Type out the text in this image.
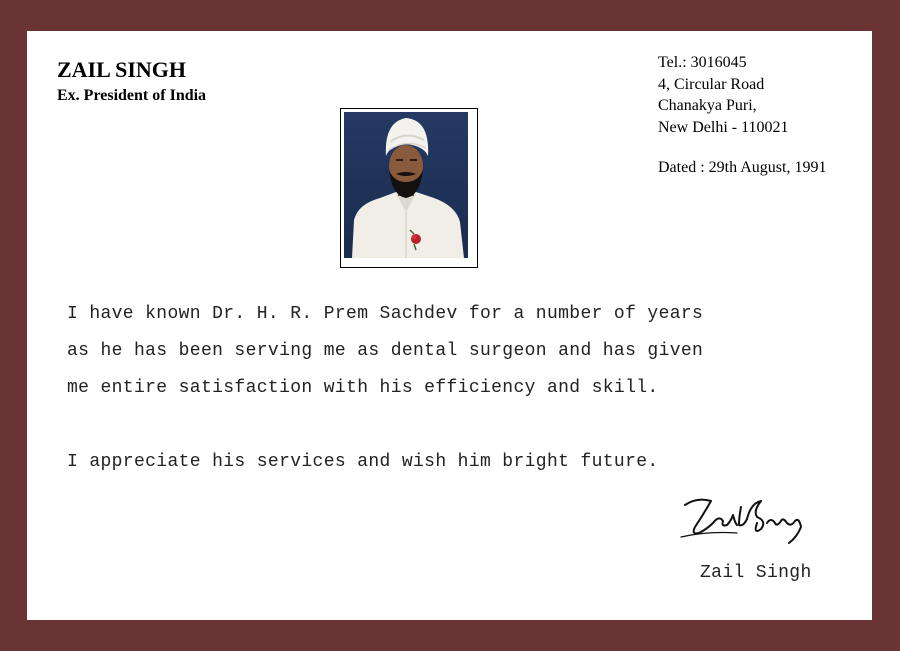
ZAIL SINGH
Ex. President of India
Tel.: 3016045
4, Circular Road
Chanakya Puri,
New Delhi - 110021
Dated : 29th August, 1991

I have known Dr. H. R. Prem Sachdev for a number of years

as he has been serving me as dental surgeon and has given

me entire satisfaction with his efficiency and skill.

I appreciate his services and wish him bright future.

Zail Singh
